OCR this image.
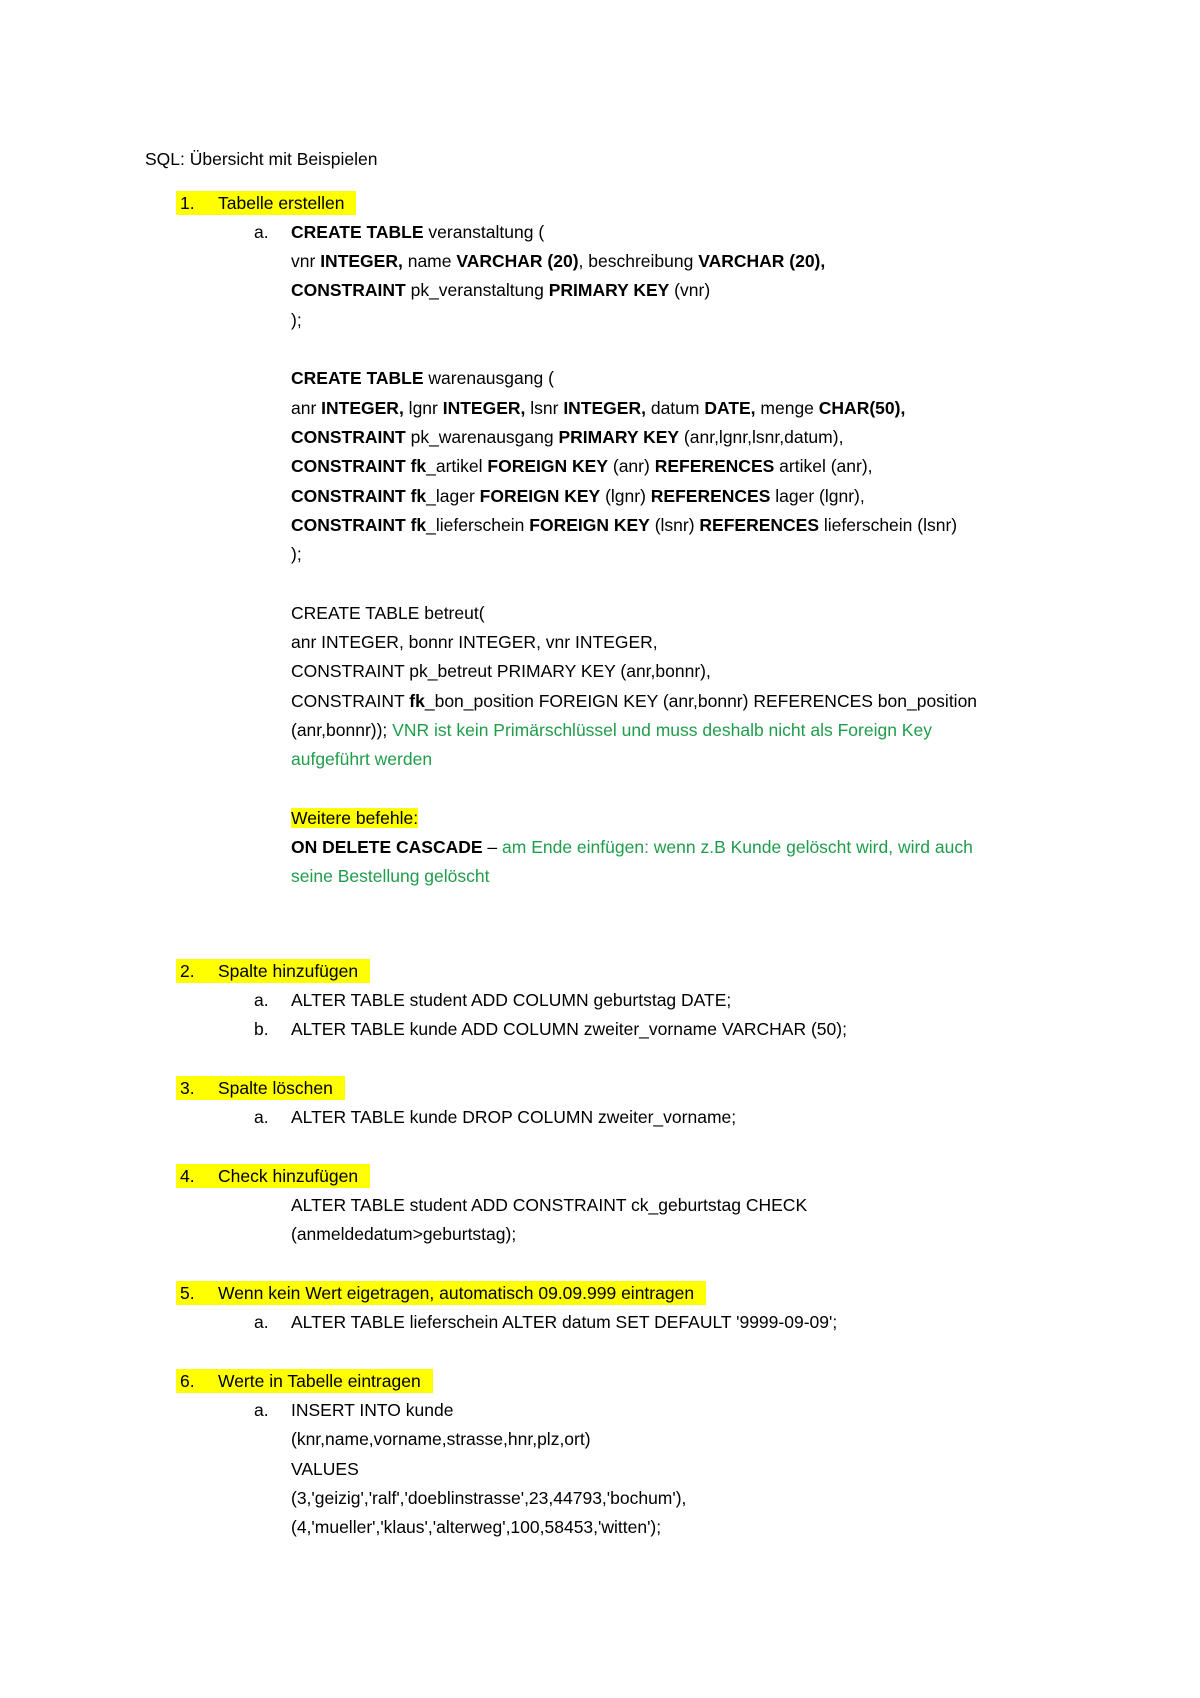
SQL: Übersicht mit Beispielen
1. Tabelle erstellen
a. CREATE TABLE veranstaltung (
vnr INTEGER, name VARCHAR (20), beschreibung VARCHAR (20),
CONSTRAINT pk_veranstaltung PRIMARY KEY (vnr)
);
CREATE TABLE warenausgang (
anr INTEGER, lgnr INTEGER, lsnr INTEGER, datum DATE, menge CHAR(50),
CONSTRAINT pk_warenausgang PRIMARY KEY (anr,lgnr,lsnr,datum),
CONSTRAINT fk_artikel FOREIGN KEY (anr) REFERENCES artikel (anr),
CONSTRAINT fk_lager FOREIGN KEY (lgnr) REFERENCES lager (lgnr),
CONSTRAINT fk_lieferschein FOREIGN KEY (lsnr) REFERENCES lieferschein (lsnr)
);
CREATE TABLE betreut(
anr INTEGER, bonnr INTEGER, vnr INTEGER,
CONSTRAINT pk_betreut PRIMARY KEY (anr,bonnr),
CONSTRAINT fk_bon_position FOREIGN KEY (anr,bonnr) REFERENCES bon_position
(anr,bonnr)); VNR ist kein Primärschlüssel und muss deshalb nicht als Foreign Key
aufgeführt werden
Weitere befehle:
ON DELETE CASCADE – am Ende einfügen: wenn z.B Kunde gelöscht wird, wird auch
seine Bestellung gelöscht
2. Spalte hinzufügen
a. ALTER TABLE student ADD COLUMN geburtstag DATE;
b. ALTER TABLE kunde ADD COLUMN zweiter_vorname VARCHAR (50);
3. Spalte löschen
a. ALTER TABLE kunde DROP COLUMN zweiter_vorname;
4. Check hinzufügen
ALTER TABLE student ADD CONSTRAINT ck_geburtstag CHECK
(anmeldedatum>geburtstag);
5. Wenn kein Wert eigetragen, automatisch 09.09.999 eintragen
a. ALTER TABLE lieferschein ALTER datum SET DEFAULT '9999-09-09';
6. Werte in Tabelle eintragen
a. INSERT INTO kunde
(knr,name,vorname,strasse,hnr,plz,ort)
VALUES
(3,'geizig','ralf','doeblinstrasse',23,44793,'bochum'),
(4,'mueller','klaus','alterweg',100,58453,'witten');
